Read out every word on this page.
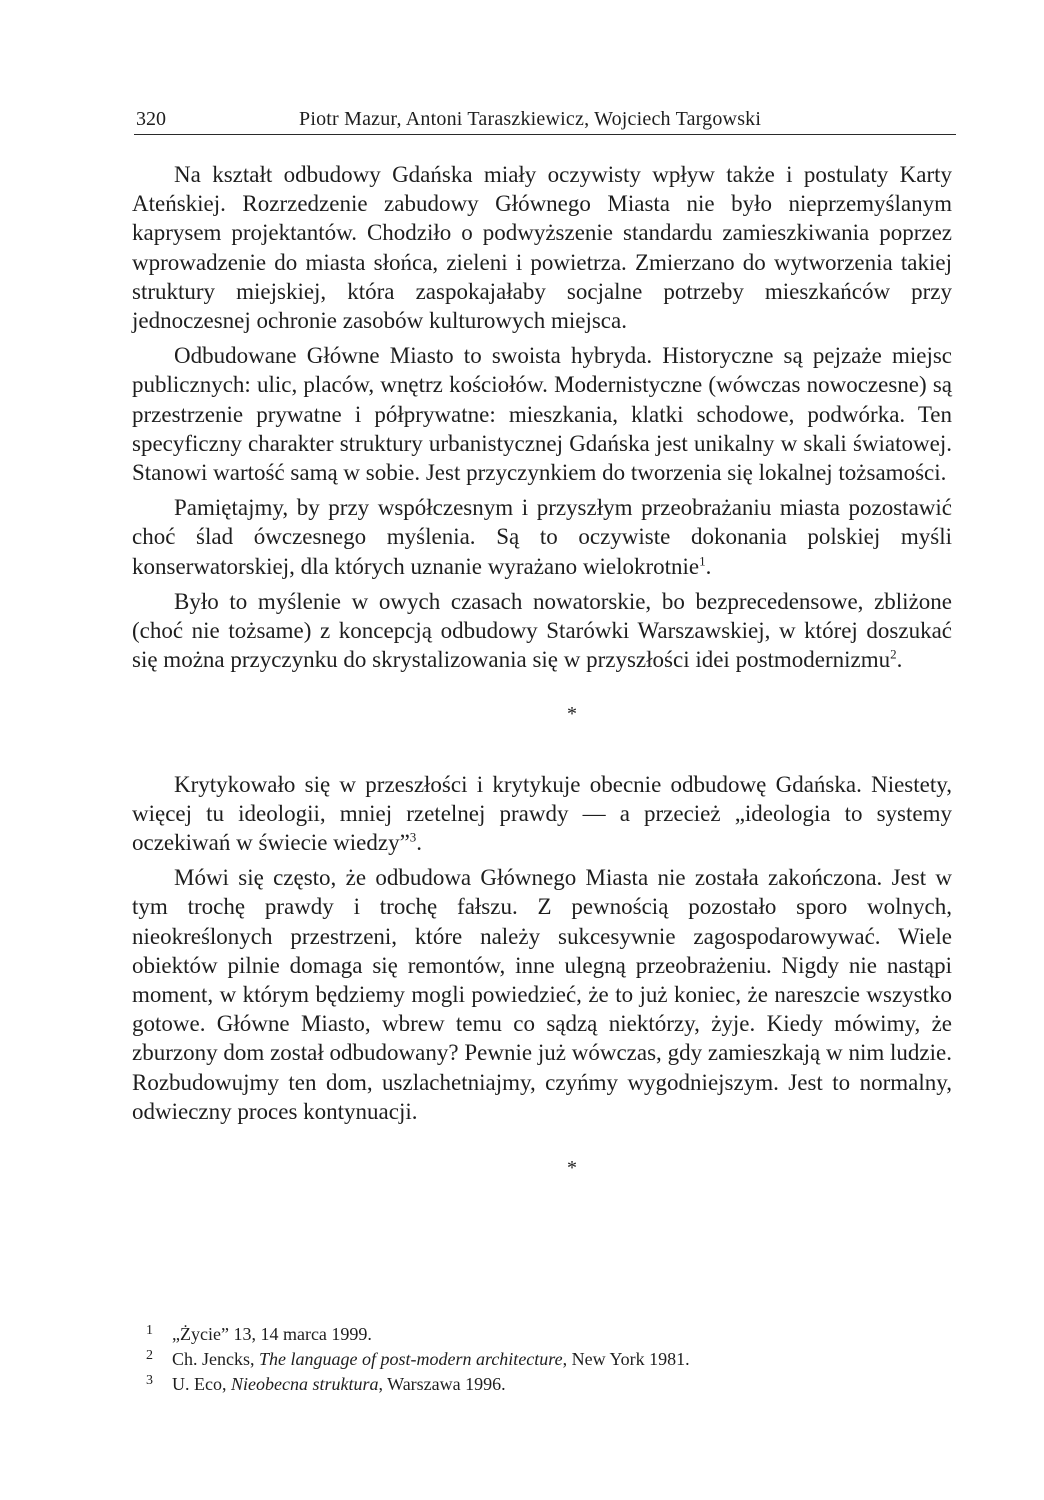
320	Piotr Mazur, Antoni Taraszkiewicz, Wojciech Targowski

Na kształt odbudowy Gdańska miały oczywisty wpływ także i postulaty Karty Ateńskiej. Rozrzedzenie zabudowy Głównego Miasta nie było nieprzemyślanym kaprysem projektantów. Chodziło o podwyższenie standardu zamieszkiwania poprzez wprowadzenie do miasta słońca, zieleni i powietrza. Zmierzano do wytworzenia takiej struktury miejskiej, która zaspokajałaby socjalne potrzeby mieszkańców przy jednoczesnej ochronie zasobów kulturowych miejsca.

Odbudowane Główne Miasto to swoista hybryda. Historyczne są pejzaże miejsc publicznych: ulic, placów, wnętrz kościołów. Modernistyczne (wówczas nowoczesne) są przestrzenie prywatne i półprywatne: mieszkania, klatki schodowe, podwórka. Ten specyficzny charakter struktury urbanistycznej Gdańska jest unikalny w skali światowej. Stanowi wartość samą w sobie. Jest przyczynkiem do tworzenia się lokalnej tożsamości.

Pamiętajmy, by przy współczesnym i przyszłym przeobrażaniu miasta pozostawić choć ślad ówczesnego myślenia. Są to oczywiste dokonania polskiej myśli konserwatorskiej, dla których uznanie wyrażano wielokrotnie$^1$.

Było to myślenie w owych czasach nowatorskie, bo bezprecedensowe, zbliżone (choć nie tożsame) z koncepcją odbudowy Starówki Warszawskiej, w której doszukać się można przyczynku do skrystalizowania się w przyszłości idei postmodernizmu$^2$.

*

Krytykowało się w przeszłości i krytykuje obecnie odbudowę Gdańska. Niestety, więcej tu ideologii, mniej rzetelnej prawdy — a przecież „ideologia to systemy oczekiwań w świecie wiedzy”$^3$.

Mówi się często, że odbudowa Głównego Miasta nie została zakończona. Jest w tym trochę prawdy i trochę fałszu. Z pewnością pozostało sporo wolnych, nieokreślonych przestrzeni, które należy sukcesywnie zagospodarowywać. Wiele obiektów pilnie domaga się remontów, inne ulegną przeobrażeniu. Nigdy nie nastąpi moment, w którym będziemy mogli powiedzieć, że to już koniec, że nareszcie wszystko gotowe. Główne Miasto, wbrew temu co sądzą niektórzy, żyje. Kiedy mówimy, że zburzony dom został odbudowany? Pewnie już wówczas, gdy zamieszkają w nim ludzie. Rozbudowujmy ten dom, uszlachetniajmy, czyńmy wygodniejszym. Jest to normalny, odwieczny proces kontynuacji.

*

1 „Życie” 13, 14 marca 1999.

2 Ch. Jencks, The language of post-modern architecture, New York 1981.

3 U. Eco, Nieobecna struktura, Warszawa 1996.
